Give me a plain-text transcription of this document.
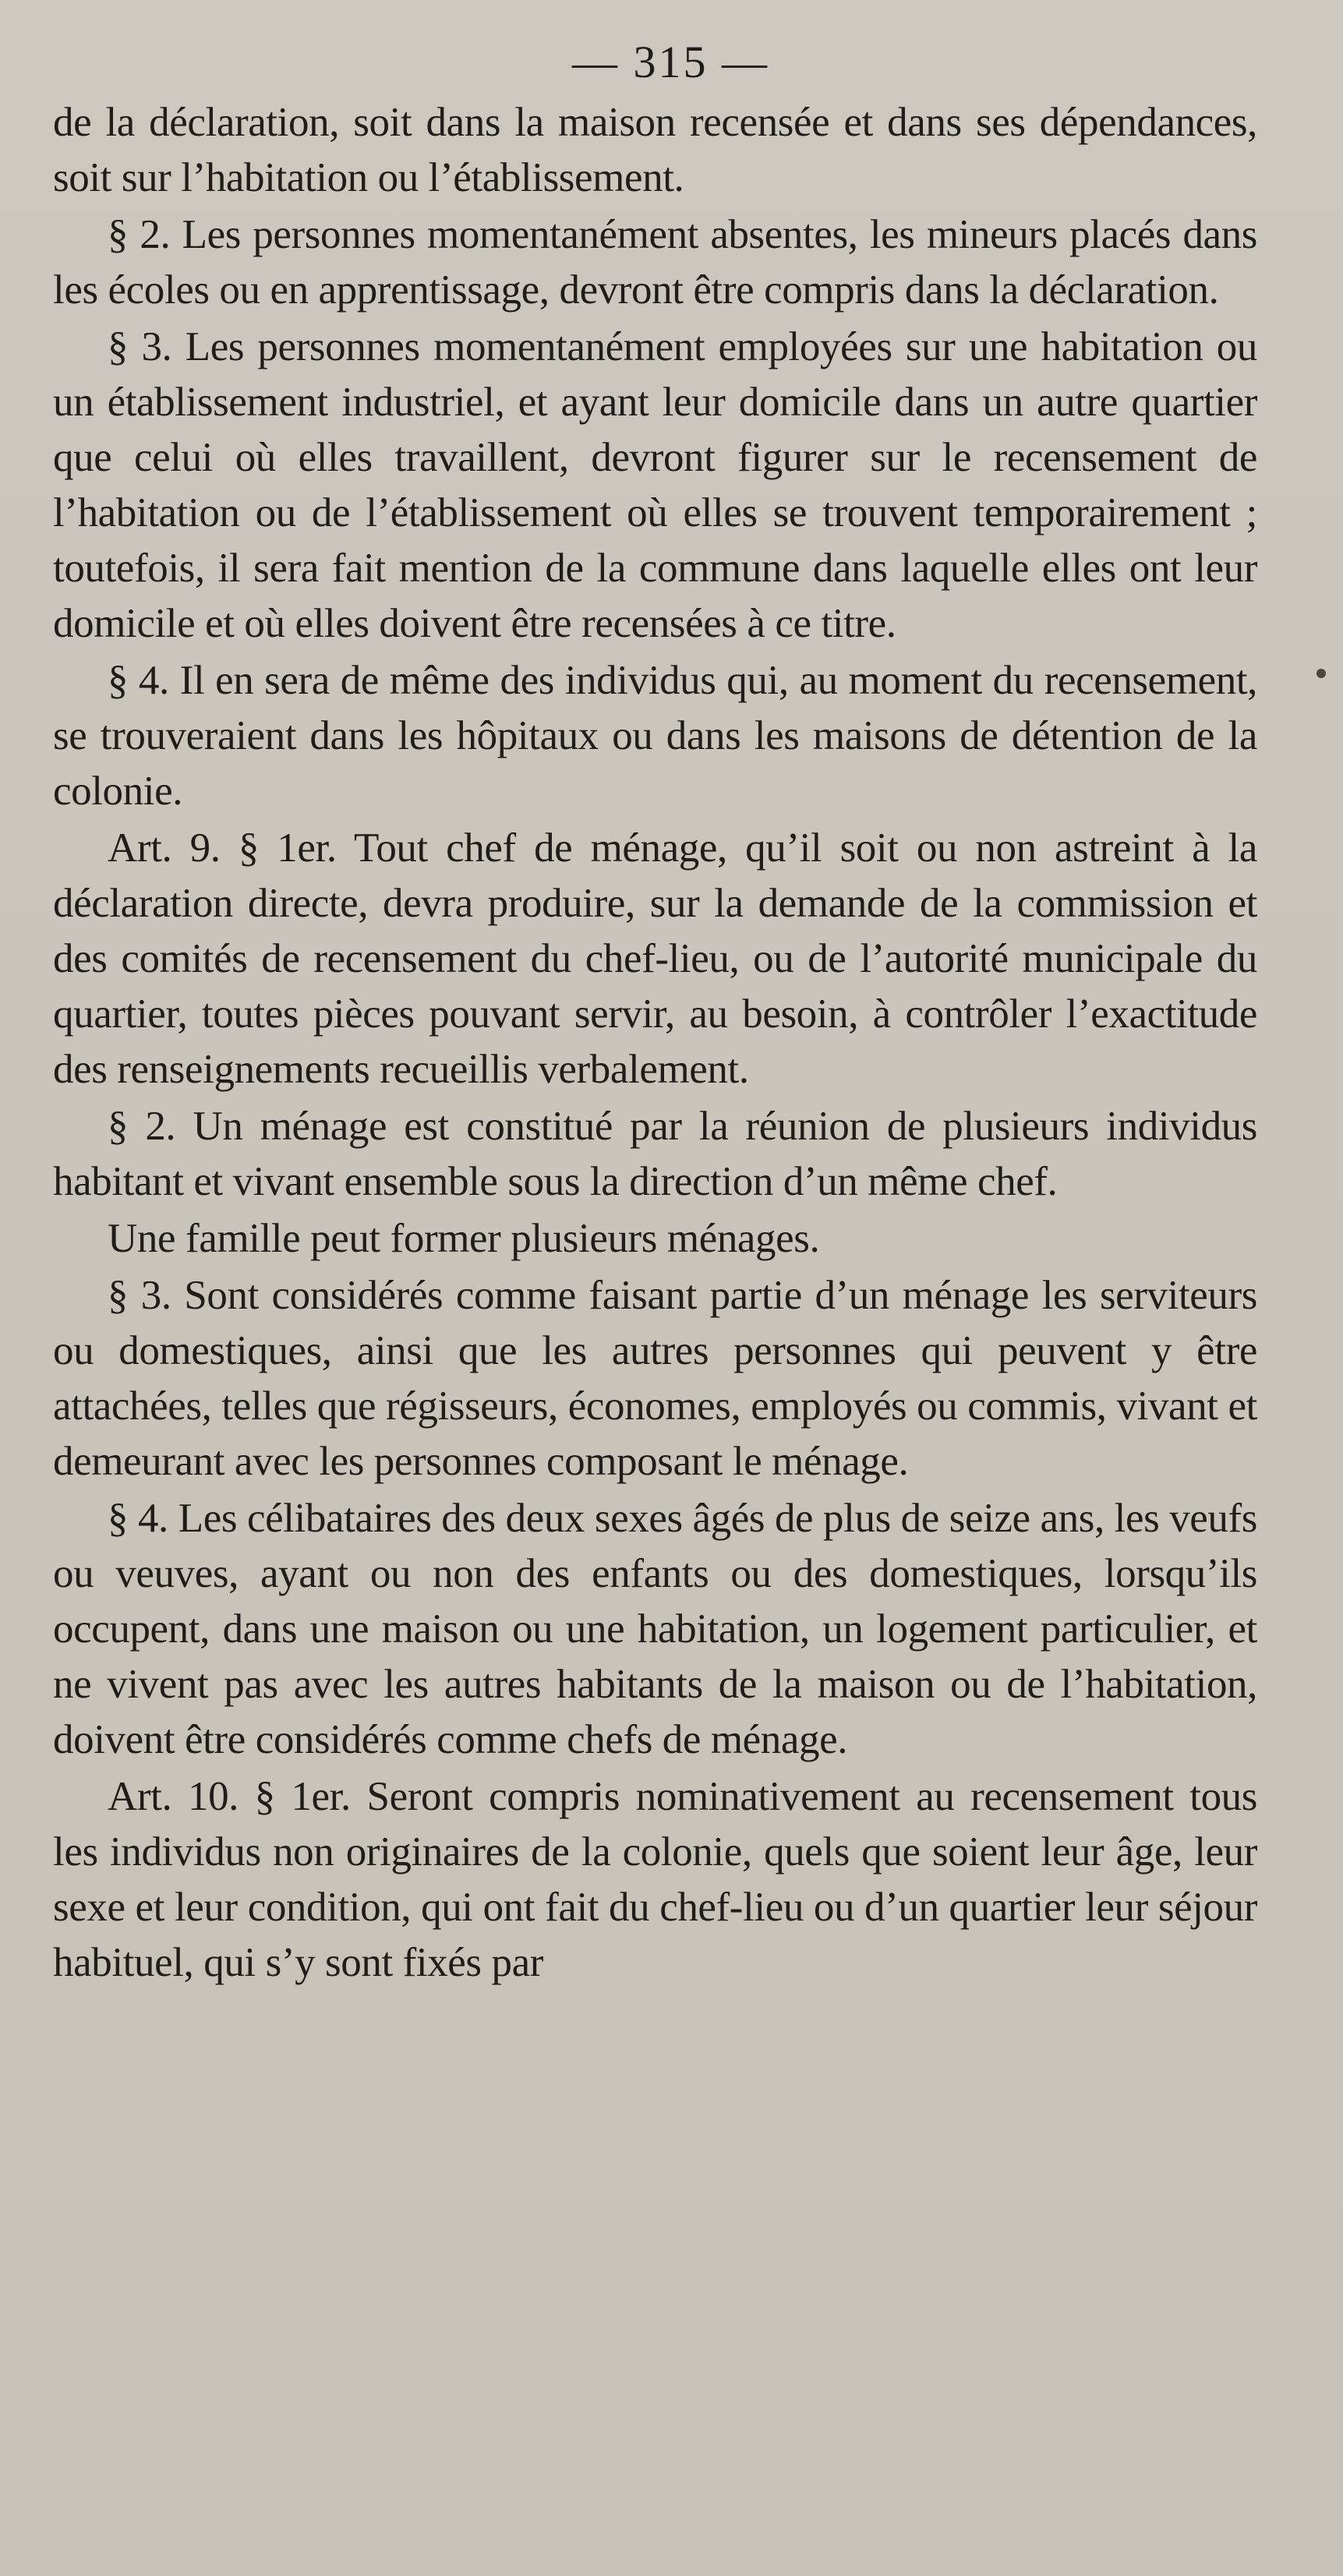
— 315 —

de la déclaration, soit dans la maison recensée et dans ses dépendances, soit sur l’habitation ou l’établissement.

§ 2. Les personnes momentanément absentes, les mineurs placés dans les écoles ou en apprentissage, devront être compris dans la déclaration.

§ 3. Les personnes momentanément employées sur une habitation ou un établissement industriel, et ayant leur domicile dans un autre quartier que celui où elles travaillent, devront figurer sur le recensement de l’habitation ou de l’établissement où elles se trouvent temporairement ; toutefois, il sera fait mention de la commune dans laquelle elles ont leur domicile et où elles doivent être recensées à ce titre.

§ 4. Il en sera de même des individus qui, au moment du recensement, se trouveraient dans les hôpitaux ou dans les maisons de détention de la colonie.

Art. 9. § 1er. Tout chef de ménage, qu’il soit ou non astreint à la déclaration directe, devra produire, sur la demande de la commission et des comités de recensement du chef-lieu, ou de l’autorité municipale du quartier, toutes pièces pouvant servir, au besoin, à contrôler l’exactitude des renseignements recueillis verbalement.

§ 2. Un ménage est constitué par la réunion de plusieurs individus habitant et vivant ensemble sous la direction d’un même chef.

Une famille peut former plusieurs ménages.

§ 3. Sont considérés comme faisant partie d’un ménage les serviteurs ou domestiques, ainsi que les autres personnes qui peuvent y être attachées, telles que régisseurs, économes, employés ou commis, vivant et demeurant avec les personnes composant le ménage.

§ 4. Les célibataires des deux sexes âgés de plus de seize ans, les veufs ou veuves, ayant ou non des enfants ou des domestiques, lorsqu’ils occupent, dans une maison ou une habitation, un logement particulier, et ne vivent pas avec les autres habitants de la maison ou de l’habitation, doivent être considérés comme chefs de ménage.

Art. 10. § 1er. Seront compris nominativement au recensement tous les individus non originaires de la colonie, quels que soient leur âge, leur sexe et leur condition, qui ont fait du chef-lieu ou d’un quartier leur séjour habituel, qui s’y sont fixés par
